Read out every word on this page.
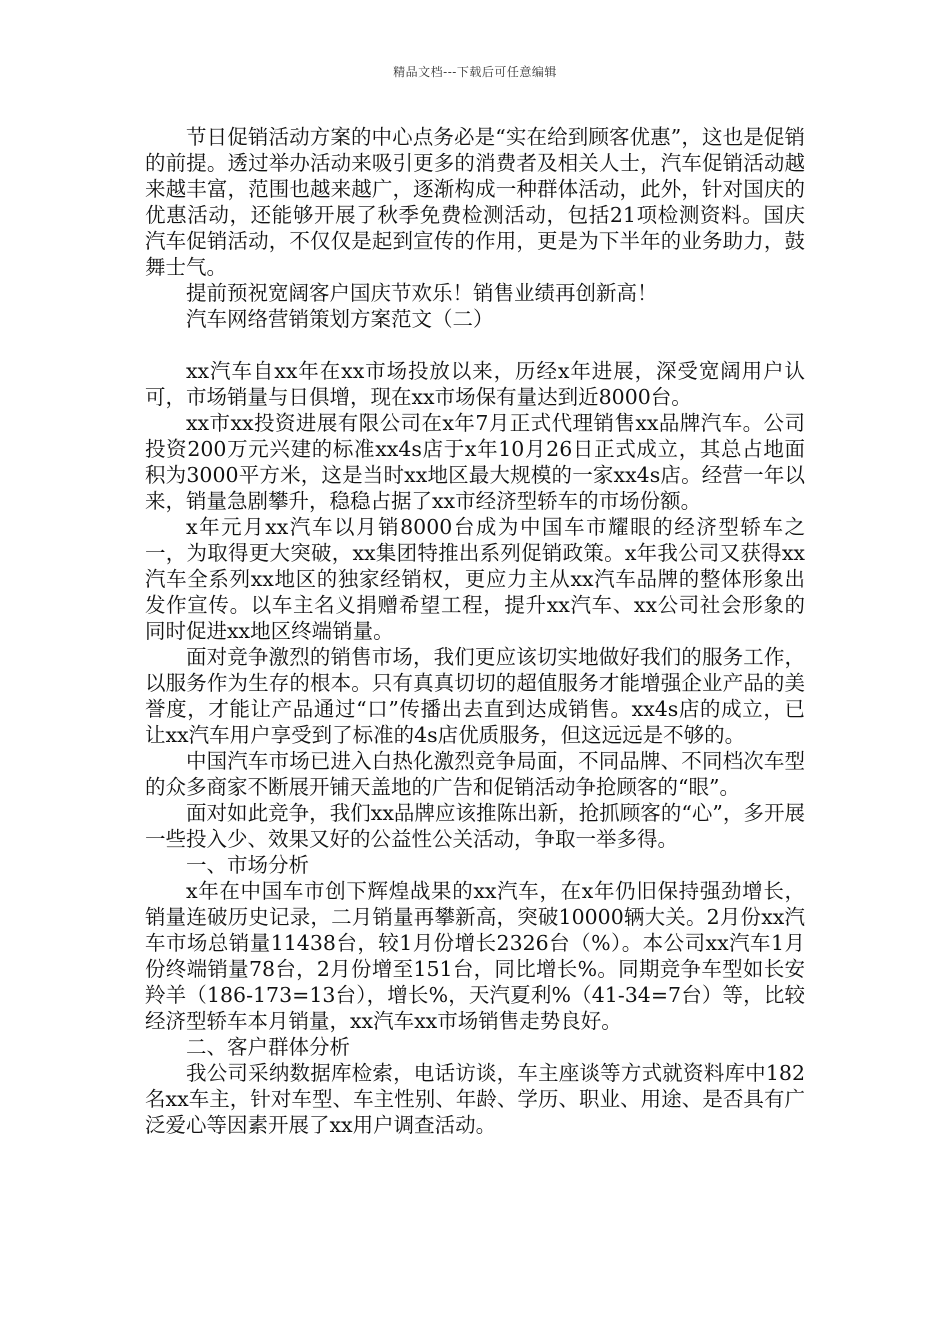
精品文档---下载后可任意编辑

节日促销活动方案的中心点务必是“实在给到顾客优惠”，这也是促销的前提。透过举办活动来吸引更多的消费者及相关人士，汽车促销活动越来越丰富，范围也越来越广，逐渐构成一种群体活动，此外，针对国庆的优惠活动，还能够开展了秋季免费检测活动，包括21项检测资料。国庆汽车促销活动，不仅仅是起到宣传的作用，更是为下半年的业务助力，鼓舞士气。

提前预祝宽阔客户国庆节欢乐！销售业绩再创新高！

汽车网络营销策划方案范文（二）

xx汽车自xx年在xx市场投放以来，历经x年进展，深受宽阔用户认可，市场销量与日俱增，现在xx市场保有量达到近8000台。

xx市xx投资进展有限公司在x年7月正式代理销售xx品牌汽车。公司投资200万元兴建的标准xx4s店于x年10月26日正式成立，其总占地面积为3000平方米，这是当时xx地区最大规模的一家xx4s店。经营一年以来，销量急剧攀升，稳稳占据了xx市经济型轿车的市场份额。

x年元月xx汽车以月销8000台成为中国车市耀眼的经济型轿车之一，为取得更大突破，xx集团特推出系列促销政策。x年我公司又获得xx汽车全系列xx地区的独家经销权，更应力主从xx汽车品牌的整体形象出发作宣传。以车主名义捐赠希望工程，提升xx汽车、xx公司社会形象的同时促进xx地区终端销量。

面对竞争激烈的销售市场，我们更应该切实地做好我们的服务工作，以服务作为生存的根本。只有真真切切的超值服务才能增强企业产品的美誉度，才能让产品通过“口”传播出去直到达成销售。xx4s店的成立，已让xx汽车用户享受到了标准的4s店优质服务，但这远远是不够的。

中国汽车市场已进入白热化激烈竞争局面，不同品牌、不同档次车型的众多商家不断展开铺天盖地的广告和促销活动争抢顾客的“眼”。

面对如此竞争，我们xx品牌应该推陈出新，抢抓顾客的“心”，多开展一些投入少、效果又好的公益性公关活动，争取一举多得。

一、市场分析

x年在中国车市创下辉煌战果的xx汽车，在x年仍旧保持强劲增长，销量连破历史记录，二月销量再攀新高，突破10000辆大关。2月份xx汽车市场总销量11438台，较1月份增长2326台（%）。本公司xx汽车1月份终端销量78台，2月份增至151台，同比增长%。同期竞争车型如长安羚羊（186-173=13台），增长%，天汽夏利%（41-34=7台）等，比较经济型轿车本月销量，xx汽车xx市场销售走势良好。

二、客户群体分析

我公司采纳数据库检索，电话访谈，车主座谈等方式就资料库中182名xx车主，针对车型、车主性别、年龄、学历、职业、用途、是否具有广泛爱心等因素开展了xx用户调查活动。
